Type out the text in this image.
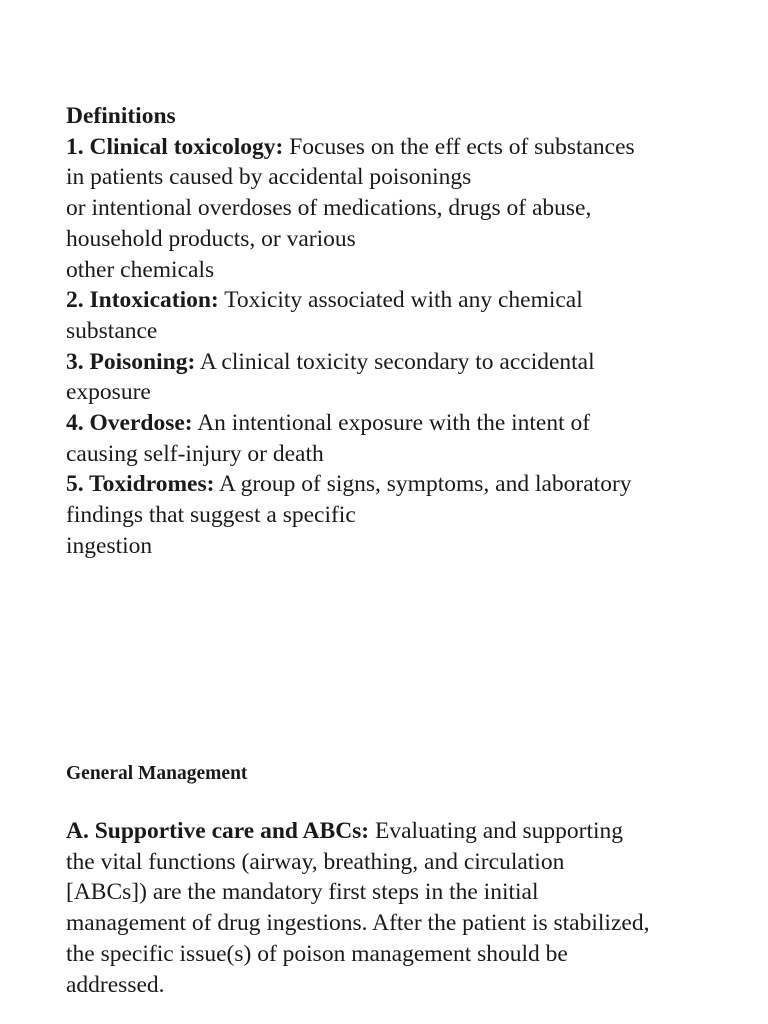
Definitions
1. Clinical toxicology: Focuses on the eff ects of substances
in patients caused by accidental poisonings
or intentional overdoses of medications, drugs of abuse,
household products, or various
other chemicals
2. Intoxication: Toxicity associated with any chemical
substance
3. Poisoning: A clinical toxicity secondary to accidental
exposure
4. Overdose: An intentional exposure with the intent of
causing self-injury or death
5. Toxidromes: A group of signs, symptoms, and laboratory
findings that suggest a specific
ingestion
General Management
A. Supportive care and ABCs: Evaluating and supporting
the vital functions (airway, breathing, and circulation
[ABCs]) are the mandatory first steps in the initial
management of drug ingestions. After the patient is stabilized,
the specific issue(s) of poison management should be
addressed.
